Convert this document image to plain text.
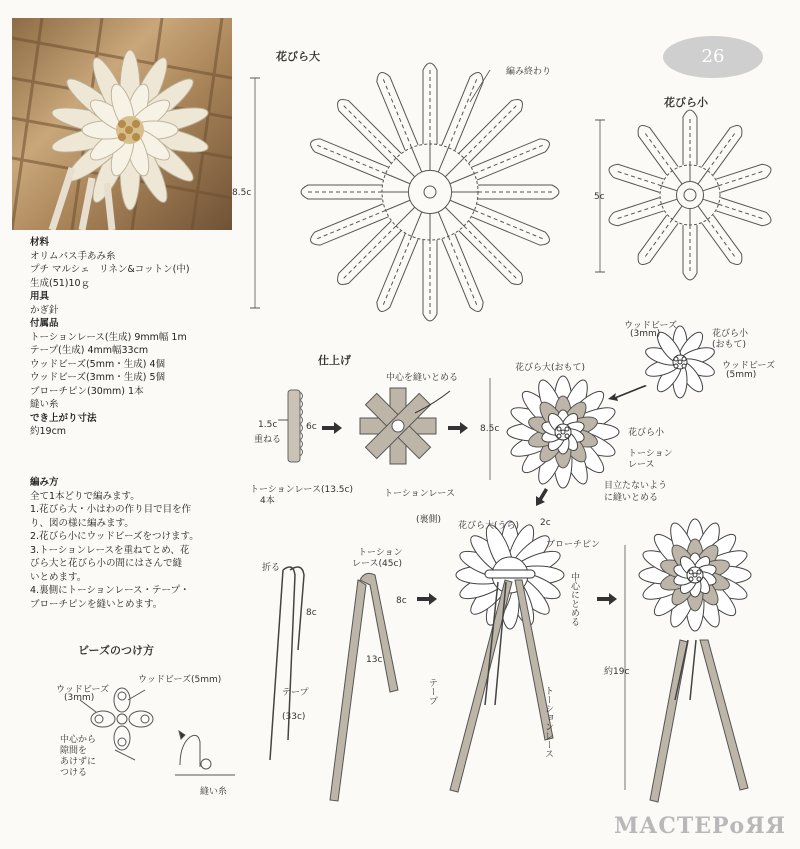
26
花びら大
編み終わり
8.5c
花びら小
5c
材料
オリムパス手あみ糸
プチ マルシェ　リネン&コットン(中)
生成(51)10ｇ
用具
かぎ針
付属品
トーションレース(生成) 9mm幅 1m
テープ(生成) 4mm幅33cm
ウッドビーズ(5mm・生成) 4個
ウッドビーズ(3mm・生成) 5個
ブローチピン(30mm) 1本
縫い糸
でき上がり寸法
約19cm
編み方
全て1本どりで編みます。
1.花びら大・小はわの作り目で目を作
り、図の様に編みます。
2.花びら小にウッドビーズをつけます。
3.トーションレースを重ねてとめ、花
びら大と花びら小の間にはさんで縫
いとめます。
4.裏側にトーションレース・テープ・
ブローチピンを縫いとめます。
仕上げ
中心を縫いとめる
1.5c
重ねる
6c
トーションレース(13.5c)
4本
トーションレース
8.5c
花びら大(おもて)
ウッドビーズ
(3mm)	花びら小
(おもて)
ウッドビーズ
(5mm)
花びら小
トーション
レース
目立たないよう
に縫いとめる
(裏側)
花びら大(うら) 2c
ブローチピン
中心にとめる
折る
トーション
レース(45c)
8c
8c
13c
テープ
(33c)
テープ	トーションレース
約19c
ビーズのつけ方
ウッドビーズ
(3mm)
ウッドビーズ(5mm)
中心から
隙間を
あけずに
つける
縫い糸
МАСТЕРоЯЯ
